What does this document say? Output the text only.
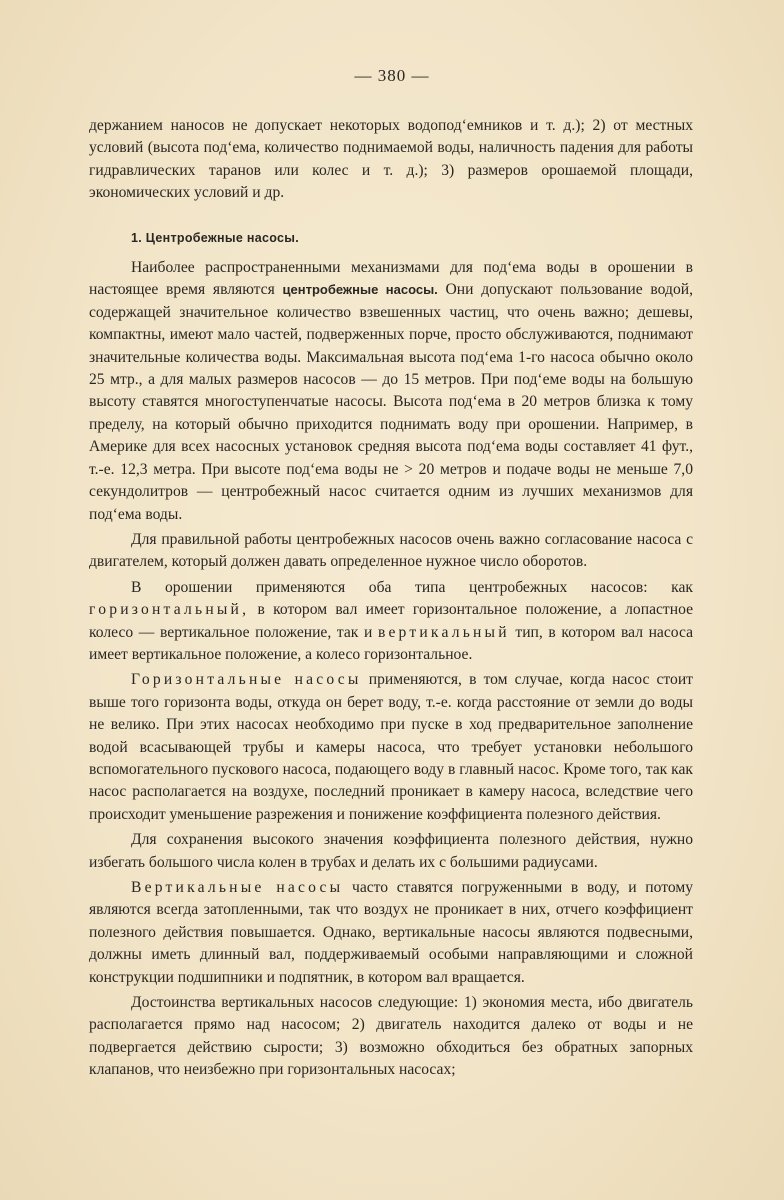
— 380 —

держанием наносов не допускает некоторых водопод‘емников и т. д.); 2) от местных условий (высота под‘ема, количество поднимаемой воды, наличность падения для работы гидравлических таранов или колес и т. д.); 3) размеров орошаемой площади, экономических условий и др.

1. Центробежные насосы.

Наиболее распространенными механизмами для под‘ема воды в орошении в настоящее время являются центробежные насосы. Они допускают пользование водой, содержащей значительное количество взвешенных частиц, что очень важно; дешевы, компактны, имеют мало частей, подверженных порче, просто обслуживаются, поднимают значительные количества воды. Максимальная высота под‘ема 1-го насоса обычно около 25 мтр., а для малых размеров насосов — до 15 метров. При под‘еме воды на большую высоту ставятся многоступенчатые насосы. Высота под‘ема в 20 метров близка к тому пределу, на который обычно приходится поднимать воду при орошении. Например, в Америке для всех насосных установок средняя высота под‘ема воды составляет 41 фут., т.-е. 12,3 метра. При высоте под‘ема воды не > 20 метров и подаче воды не меньше 7,0 секундолитров — центробежный насос считается одним из лучших механизмов для под‘ема воды.

Для правильной работы центробежных насосов очень важно согласование насоса с двигателем, который должен давать определенное нужное число оборотов.

В орошении применяются оба типа центробежных насосов: как горизонтальный, в котором вал имеет горизонтальное положение, а лопастное колесо — вертикальное положение, так и вертикальный тип, в котором вал насоса имеет вертикальное положение, а колесо горизонтальное.

Горизонтальные насосы применяются, в том случае, когда насос стоит выше того горизонта воды, откуда он берет воду, т.-е. когда расстояние от земли до воды не велико. При этих насосах необходимо при пуске в ход предварительное заполнение водой всасывающей трубы и камеры насоса, что требует установки небольшого вспомогательного пускового насоса, подающего воду в главный насос. Кроме того, так как насос располагается на воздухе, последний проникает в камеру насоса, вследствие чего происходит уменьшение разрежения и понижение коэффициента полезного действия.

Для сохранения высокого значения коэффициента полезного действия, нужно избегать большого числа колен в трубах и делать их с большими радиусами.

Вертикальные насосы часто ставятся погруженными в воду, и потому являются всегда затопленными, так что воздух не проникает в них, отчего коэффициент полезного действия повышается. Однако, вертикальные насосы являются подвесными, должны иметь длинный вал, поддерживаемый особыми направляющими и сложной конструкции подшипники и подпятник, в котором вал вращается.

Достоинства вертикальных насосов следующие: 1) экономия места, ибо двигатель располагается прямо над насосом; 2) двигатель находится далеко от воды и не подвергается действию сырости; 3) возможно обходиться без обратных запорных клапанов, что неизбежно при горизонтальных насосах;
